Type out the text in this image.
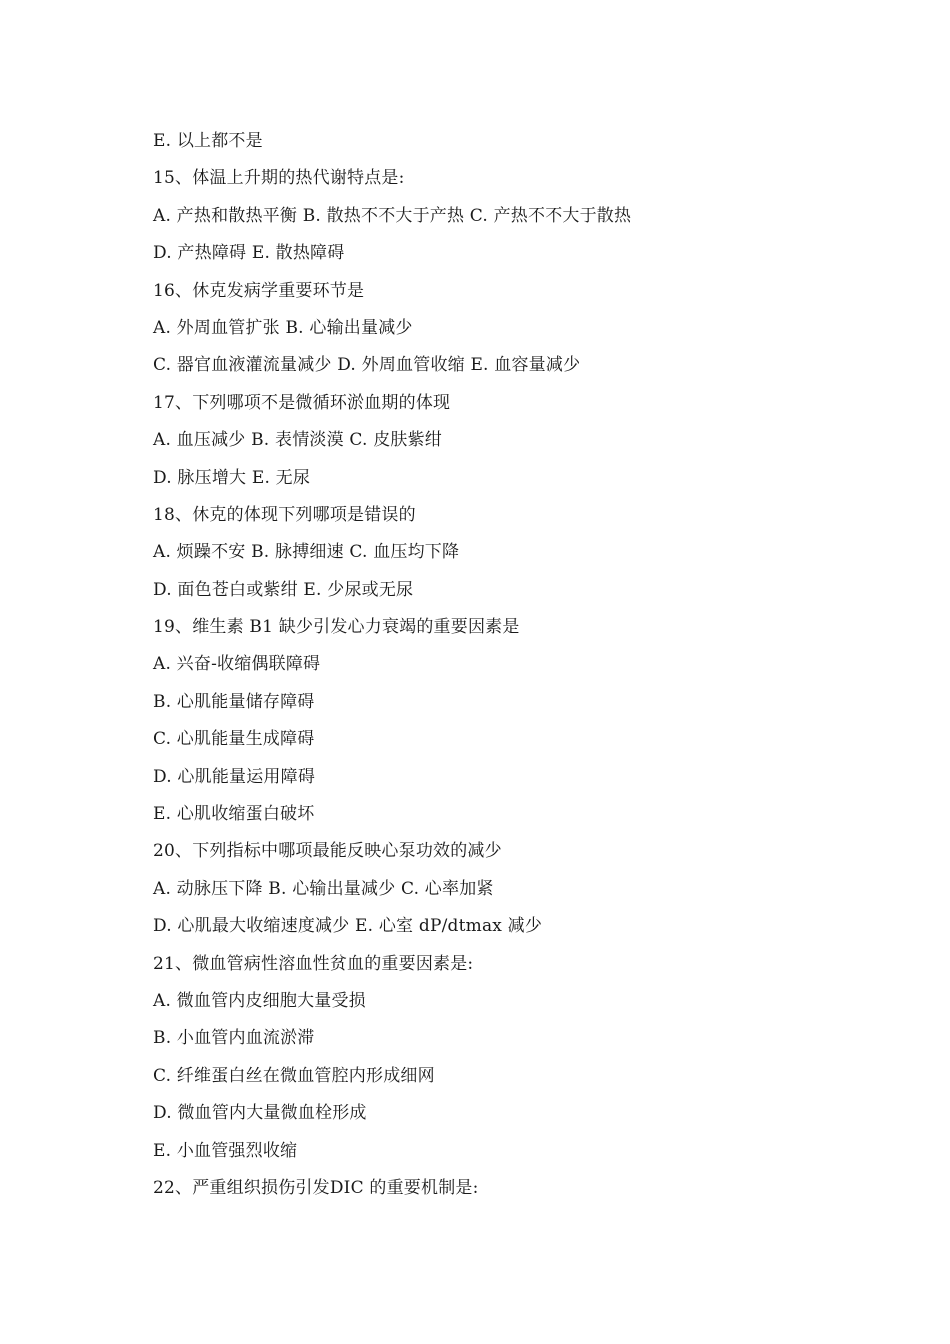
E. 以上都不是
15、体温上升期的热代谢特点是:
A. 产热和散热平衡 B. 散热不不大于产热 C. 产热不不大于散热
D. 产热障碍 E. 散热障碍
16、休克发病学重要环节是
A. 外周血管扩张 B. 心输出量减少
C. 器官血液灌流量减少 D. 外周血管收缩 E. 血容量减少
17、下列哪项不是微循环淤血期的体现
A. 血压减少 B. 表情淡漠 C. 皮肤紫绀
D. 脉压增大 E. 无尿
18、休克的体现下列哪项是错误的
A. 烦躁不安 B. 脉搏细速 C. 血压均下降
D. 面色苍白或紫绀 E. 少尿或无尿
19、维生素 B1 缺少引发心力衰竭的重要因素是
A. 兴奋-收缩偶联障碍
B. 心肌能量储存障碍
C. 心肌能量生成障碍
D. 心肌能量运用障碍
E. 心肌收缩蛋白破坏
20、下列指标中哪项最能反映心泵功效的减少
A. 动脉压下降 B. 心输出量减少 C. 心率加紧
D. 心肌最大收缩速度减少 E. 心室 dP/dtmax 减少
21、微血管病性溶血性贫血的重要因素是:
A. 微血管内皮细胞大量受损
B. 小血管内血流淤滞
C. 纤维蛋白丝在微血管腔内形成细网
D. 微血管内大量微血栓形成
E. 小血管强烈收缩
22、严重组织损伤引发DIC 的重要机制是:
